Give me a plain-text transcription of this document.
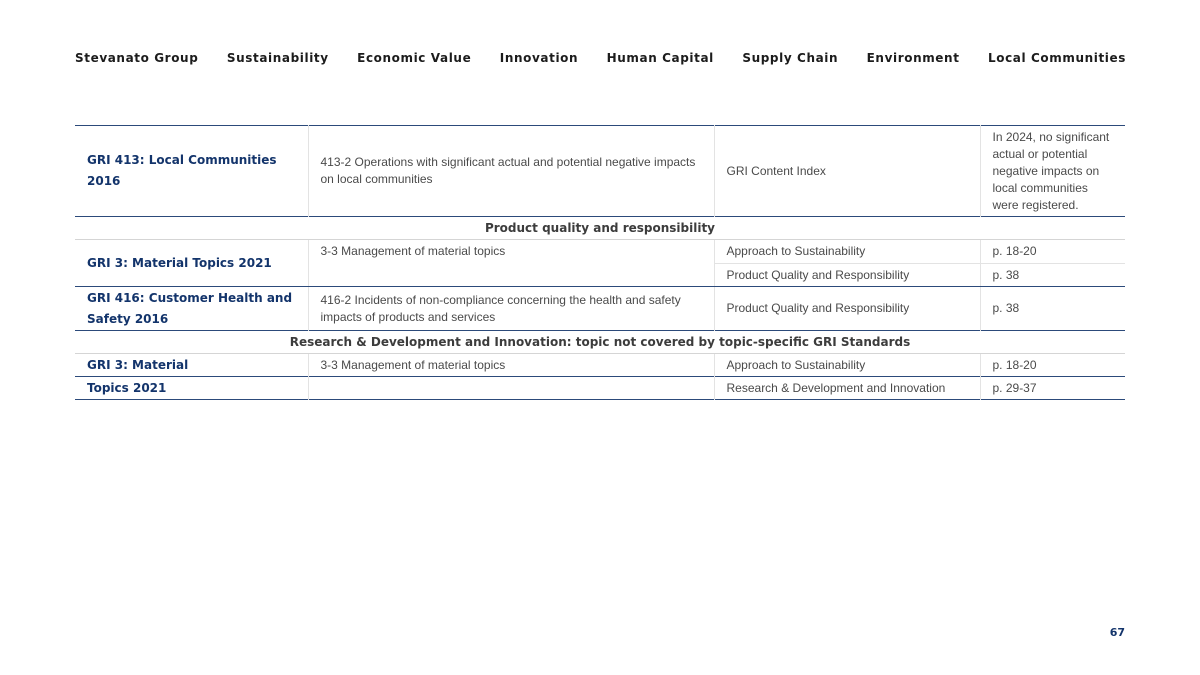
Stevanato Group Sustainability Economic Value Innovation Human Capital Supply Chain Environment Local Communities
GRI 413: Local Communities 2016	413-2 Operations with significant actual and potential negative impacts on local communities	GRI Content Index	In 2024, no significant actual or potential negative impacts on local communities were registered.
Product quality and responsibility			
GRI 3: Material Topics 2021	3-3 Management of material topics	Approach to Sustainability	p. 18-20
		Product Quality and Responsibility	p. 38
GRI 416: Customer Health and Safety 2016	416-2 Incidents of non-compliance concerning the health and safety impacts of products and services	Product Quality and Responsibility	p. 38
Research & Development and Innovation: topic not covered by topic-specific GRI Standards			
GRI 3: Material	3-3 Management of material topics	Approach to Sustainability	p. 18-20
Topics 2021		Research & Development and Innovation	p. 29-37
67
